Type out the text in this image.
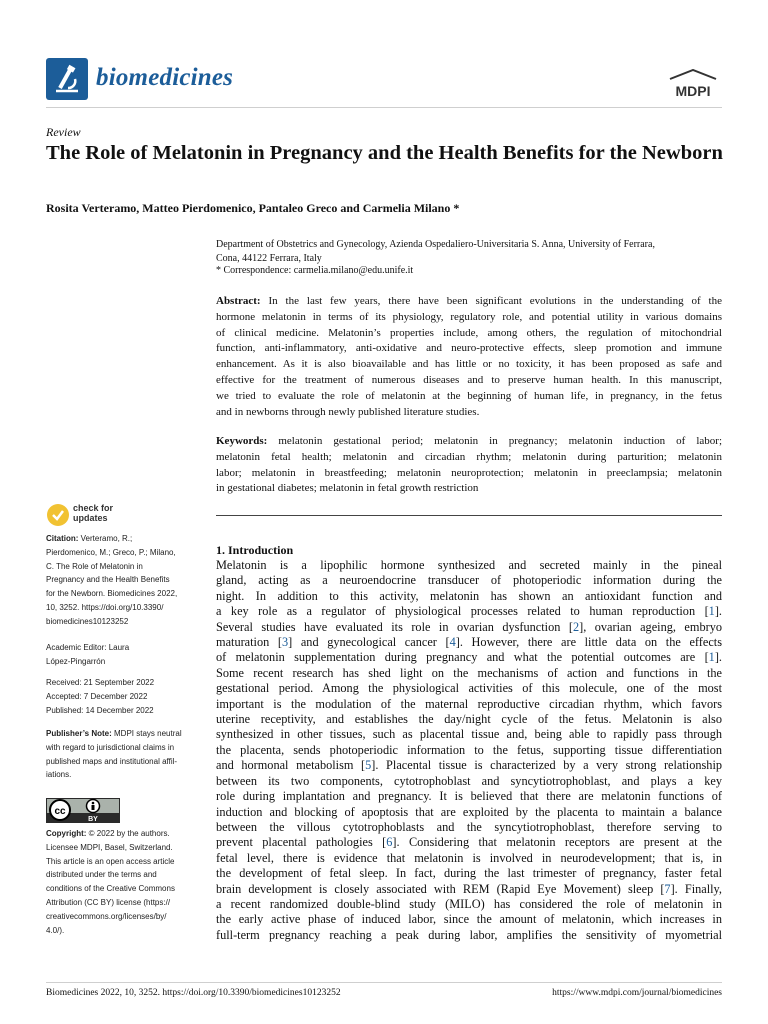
biomedicines	MDPI
Review
The Role of Melatonin in Pregnancy and the Health Benefits for the Newborn
Rosita Verteramo, Matteo Pierdomenico, Pantaleo Greco and Carmelia Milano *
Department of Obstetrics and Gynecology, Azienda Ospedaliero-Universitaria S. Anna, University of Ferrara,
Cona, 44122 Ferrara, Italy
* Correspondence: carmelia.milano@edu.unife.it
Abstract: In the last few years, there have been significant evolutions in the understanding of the
hormone melatonin in terms of its physiology, regulatory role, and potential utility in various domains
of clinical medicine. Melatonin’s properties include, among others, the regulation of mitochondrial
function, anti-inflammatory, anti-oxidative and neuro-protective effects, sleep promotion and immune
enhancement. As it is also bioavailable and has little or no toxicity, it has been proposed as safe and
effective for the treatment of numerous diseases and to preserve human health. In this manuscript,
we tried to evaluate the role of melatonin at the beginning of human life, in pregnancy, in the fetus
and in newborns through newly published literature studies.
Keywords: melatonin gestational period; melatonin in pregnancy; melatonin induction of labor;
melatonin fetal health; melatonin and circadian rhythm; melatonin during parturition; melatonin
labor; melatonin in breastfeeding; melatonin neuroprotection; melatonin in preeclampsia; melatonin
in gestational diabetes; melatonin in fetal growth restriction
check for
updates
Citation: Verteramo, R.;
Pierdomenico, M.; Greco, P.; Milano,
C. The Role of Melatonin in
Pregnancy and the Health Benefits
for the Newborn. Biomedicines 2022,
10, 3252. https://doi.org/10.3390/
biomedicines10123252
Academic Editor: Laura
López-Pingarrón
Received: 21 September 2022
Accepted: 7 December 2022
Published: 14 December 2022
Publisher’s Note: MDPI stays neutral
with regard to jurisdictional claims in
published maps and institutional affil-
iations.
cc
BY
Copyright: © 2022 by the authors.
Licensee MDPI, Basel, Switzerland.
This article is an open access article
distributed under the terms and
conditions of the Creative Commons
Attribution (CC BY) license (https://
creativecommons.org/licenses/by/
4.0/).
1. Introduction
Melatonin is a lipophilic hormone synthesized and secreted mainly in the pineal
gland, acting as a neuroendocrine transducer of photoperiodic information during the
night. In addition to this activity, melatonin has shown an antioxidant function and
a key role as a regulator of physiological processes related to human reproduction [1].
Several studies have evaluated its role in ovarian dysfunction [2], ovarian ageing, embryo
maturation [3] and gynecological cancer [4]. However, there are little data on the effects
of melatonin supplementation during pregnancy and what the potential outcomes are [1].
Some recent research has shed light on the mechanisms of action and functions in the
gestational period. Among the physiological activities of this molecule, one of the most
important is the modulation of the maternal reproductive circadian rhythm, which favors
uterine receptivity, and establishes the day/night cycle of the fetus. Melatonin is also
synthesized in other tissues, such as placental tissue and, being able to rapidly pass through
the placenta, sends photoperiodic information to the fetus, supporting tissue differentiation
and hormonal metabolism [5]. Placental tissue is characterized by a very strong relationship
between its two components, cytotrophoblast and syncytiotrophoblast, and plays a key
role during implantation and pregnancy. It is believed that there are melatonin functions of
induction and blocking of apoptosis that are exploited by the placenta to maintain a balance
between the villous cytotrophoblasts and the syncytiotrophoblast, therefore serving to
prevent placental pathologies [6]. Considering that melatonin receptors are present at the
fetal level, there is evidence that melatonin is involved in neurodevelopment; that is, in
the development of fetal sleep. In fact, during the last trimester of pregnancy, faster fetal
brain development is closely associated with REM (Rapid Eye Movement) sleep [7]. Finally,
a recent randomized double-blind study (MILO) has considered the role of melatonin in
the early active phase of induced labor, since the amount of melatonin, which increases in
full-term pregnancy reaching a peak during labor, amplifies the sensitivity of myometrial
Biomedicines 2022, 10, 3252. https://doi.org/10.3390/biomedicines10123252	https://www.mdpi.com/journal/biomedicines
